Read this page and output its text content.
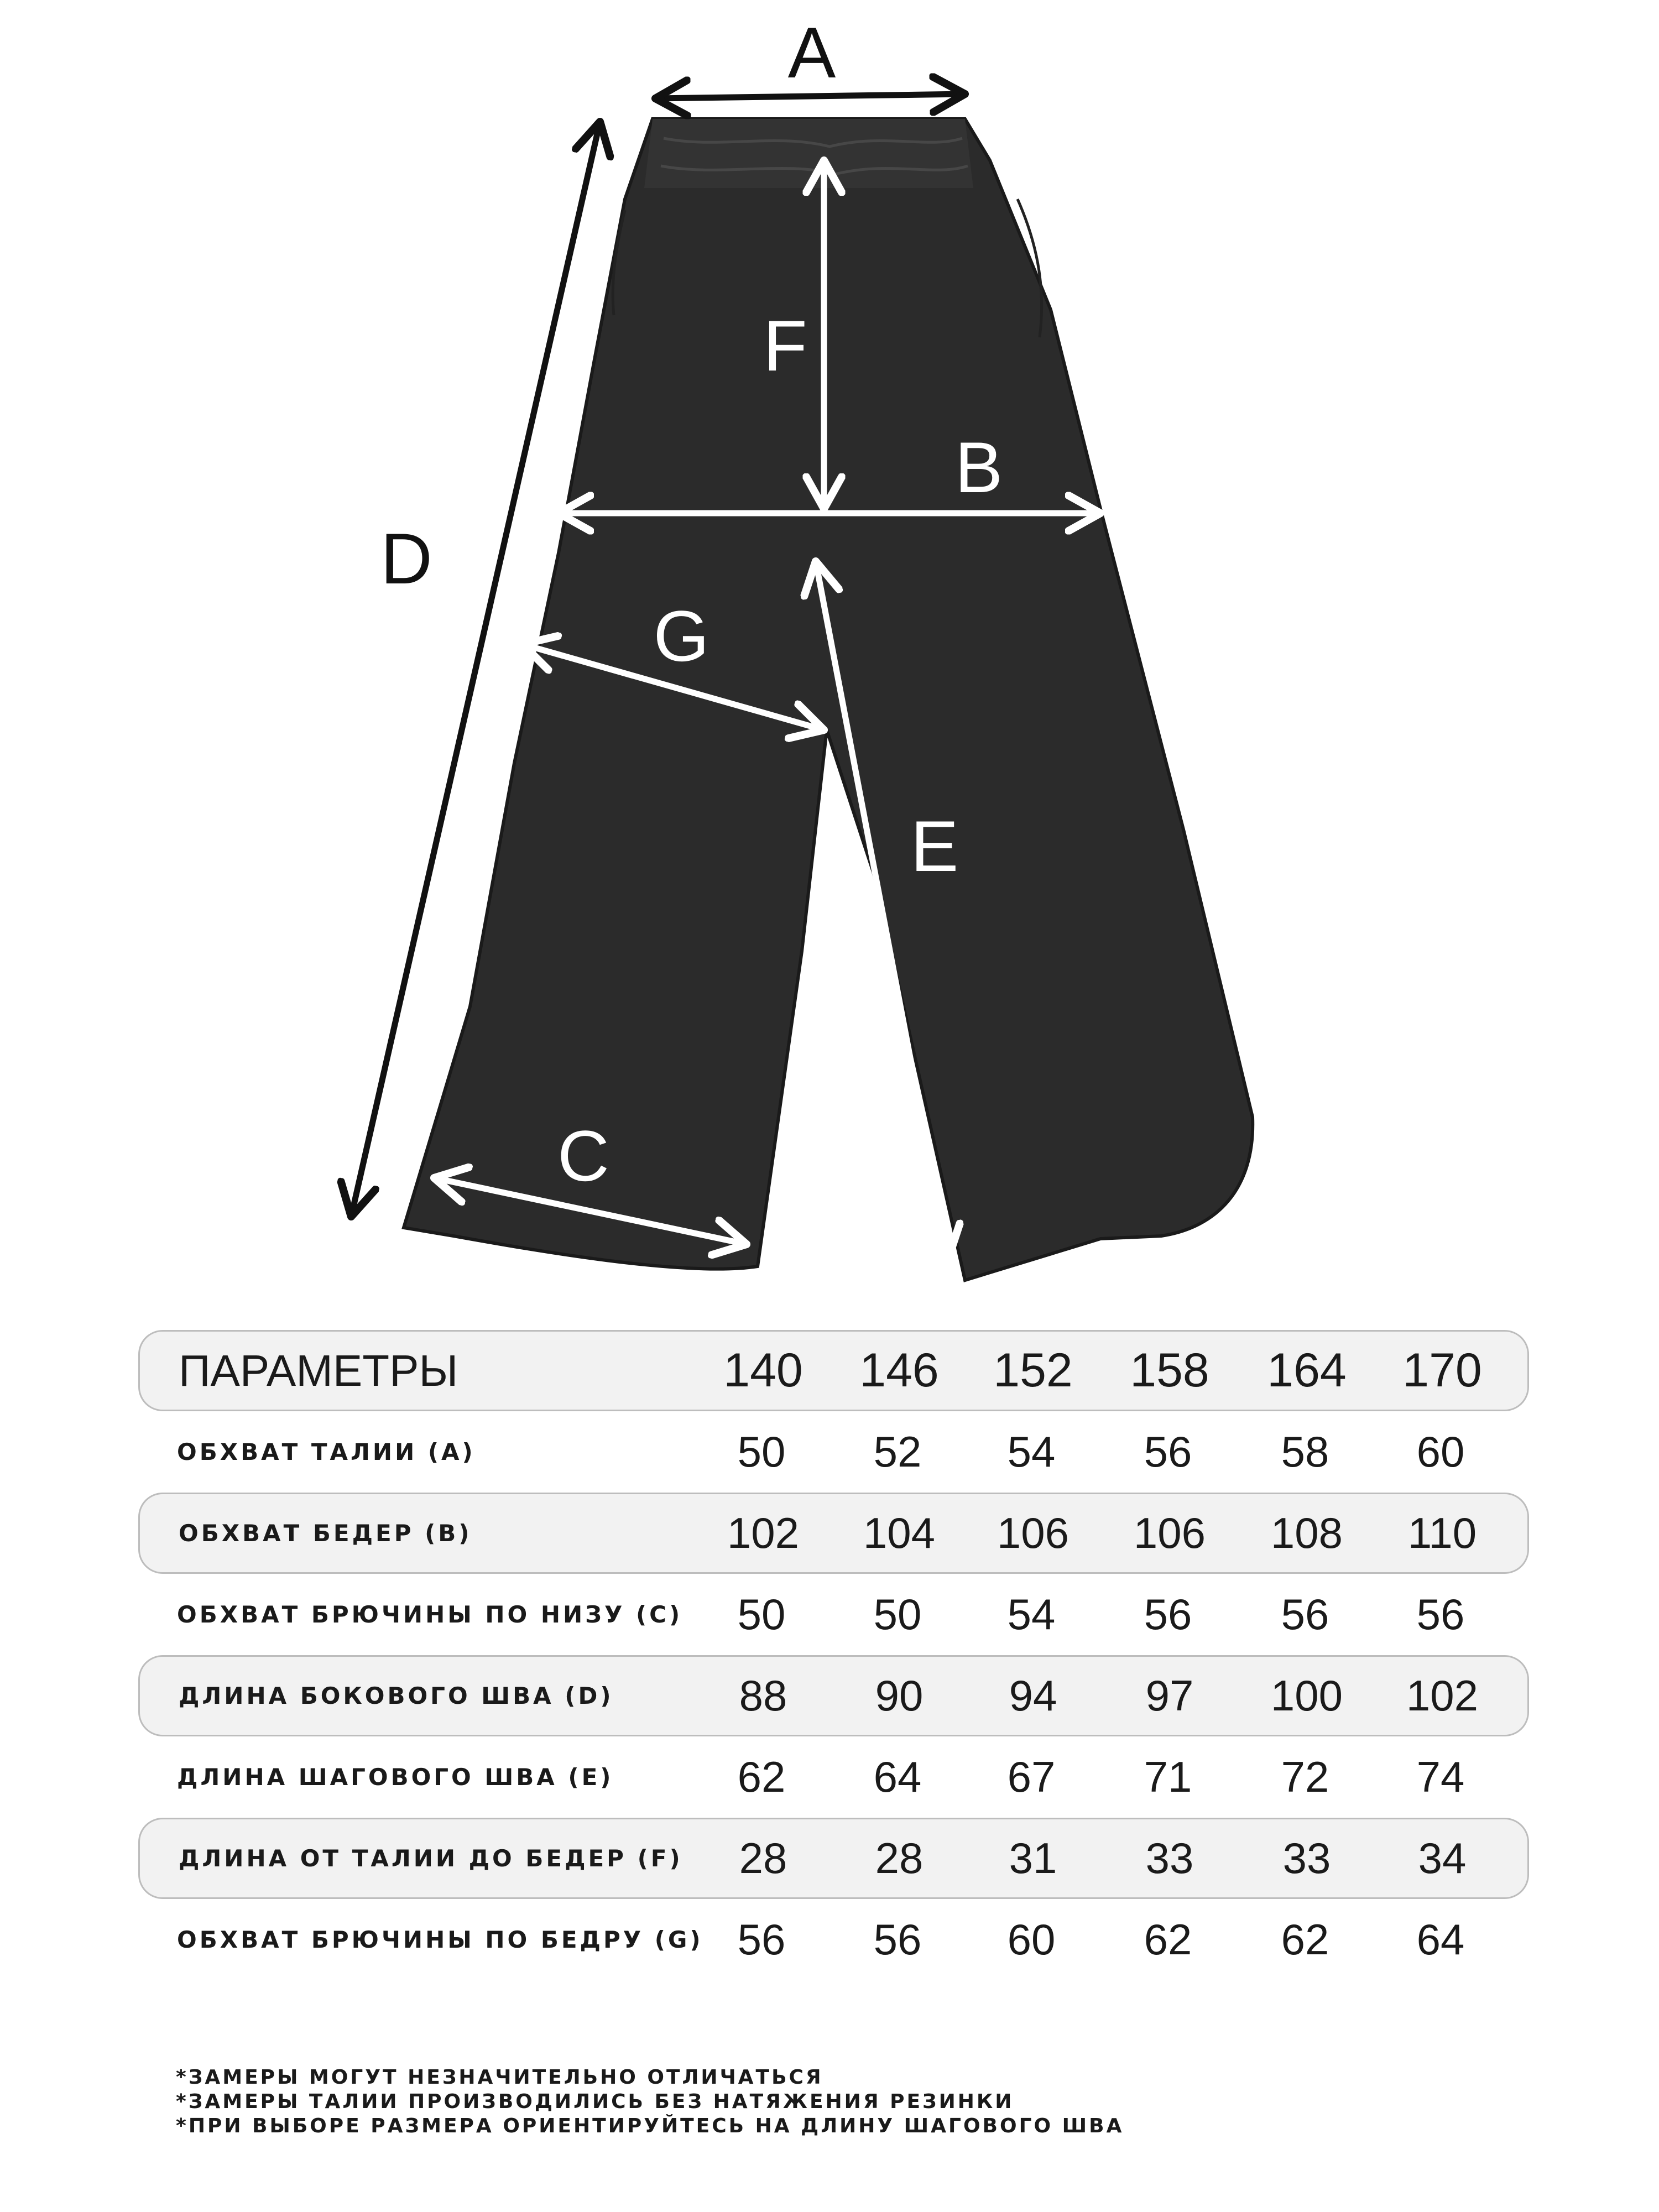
A
D
F
B
G
E
C
ПАРАМЕТРЫ	140	146	152	158	164	170
ОБХВАТ ТАЛИИ (А)	50	52	54	56	58	60
ОБХВАТ БЕДЕР (В)	102	104	106	106	108	110
ОБХВАТ БРЮЧИНЫ ПО НИЗУ (С)	50	50	54	56	56	56
ДЛИНА БОКОВОГО ШВА (D)	88	90	94	97	100	102
ДЛИНА ШАГОВОГО ШВА (Е)	62	64	67	71	72	74
ДЛИНА ОТ ТАЛИИ ДО БЕДЕР (F)	28	28	31	33	33	34
ОБХВАТ БРЮЧИНЫ ПО БЕДРУ (G) 56	56	60	62	62	64
*ЗАМЕРЫ МОГУТ НЕЗНАЧИТЕЛЬНО ОТЛИЧАТЬСЯ
*ЗАМЕРЫ ТАЛИИ ПРОИЗВОДИЛИСЬ БЕЗ НАТЯЖЕНИЯ РЕЗИНКИ
*ПРИ ВЫБОРЕ РАЗМЕРА ОРИЕНТИРУЙТЕСЬ НА ДЛИНУ ШАГОВОГО ШВА
